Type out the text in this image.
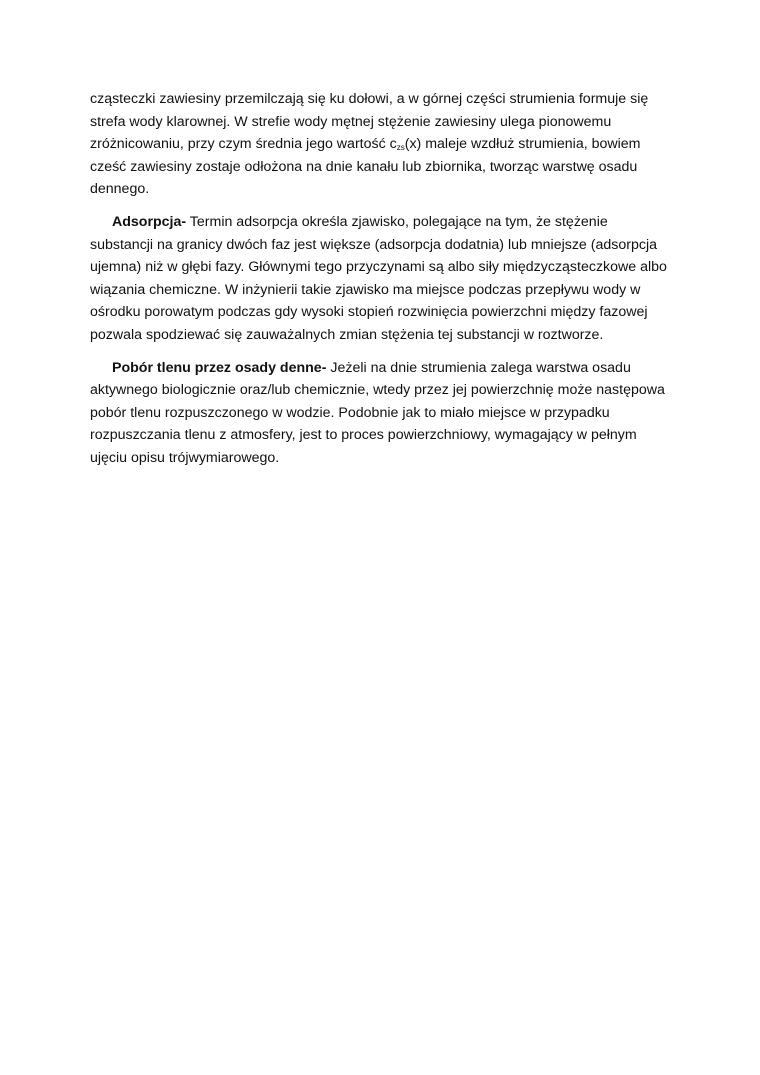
cząsteczki zawiesiny przemilczają się ku dołowi, a w górnej części strumienia formuje się strefa wody klarownej. W strefie wody mętnej stężenie zawiesiny ulega pionowemu zróżnicowaniu, przy czym średnia jego wartość $c_{zs}(x)$ maleje wzdłuż strumienia, bowiem cześć zawiesiny zostaje odłożona na dnie kanału lub zbiornika, tworząc warstwę osadu dennego.

Adsorpcja- Termin adsorpcja określa zjawisko, polegające na tym, że stężenie substancji na granicy dwóch faz jest większe (adsorpcja dodatnia) lub mniejsze (adsorpcja ujemna) niż w głębi fazy. Głównymi tego przyczynami są albo siły międzycząsteczkowe albo wiązania chemiczne. W inżynierii takie zjawisko ma miejsce podczas przepływu wody w ośrodku porowatym podczas gdy wysoki stopień rozwinięcia powierzchni między fazowej pozwala spodziewać się zauważalnych zmian stężenia tej substancji w roztworze.

Pobór tlenu przez osady denne- Jeżeli na dnie strumienia zalega warstwa osadu aktywnego biologicznie oraz/lub chemicznie, wtedy przez jej powierzchnię może następowa pobór tlenu rozpuszczonego w wodzie. Podobnie jak to miało miejsce w przypadku rozpuszczania tlenu z atmosfery, jest to proces powierzchniowy, wymagający w pełnym ujęciu opisu trójwymiarowego.
